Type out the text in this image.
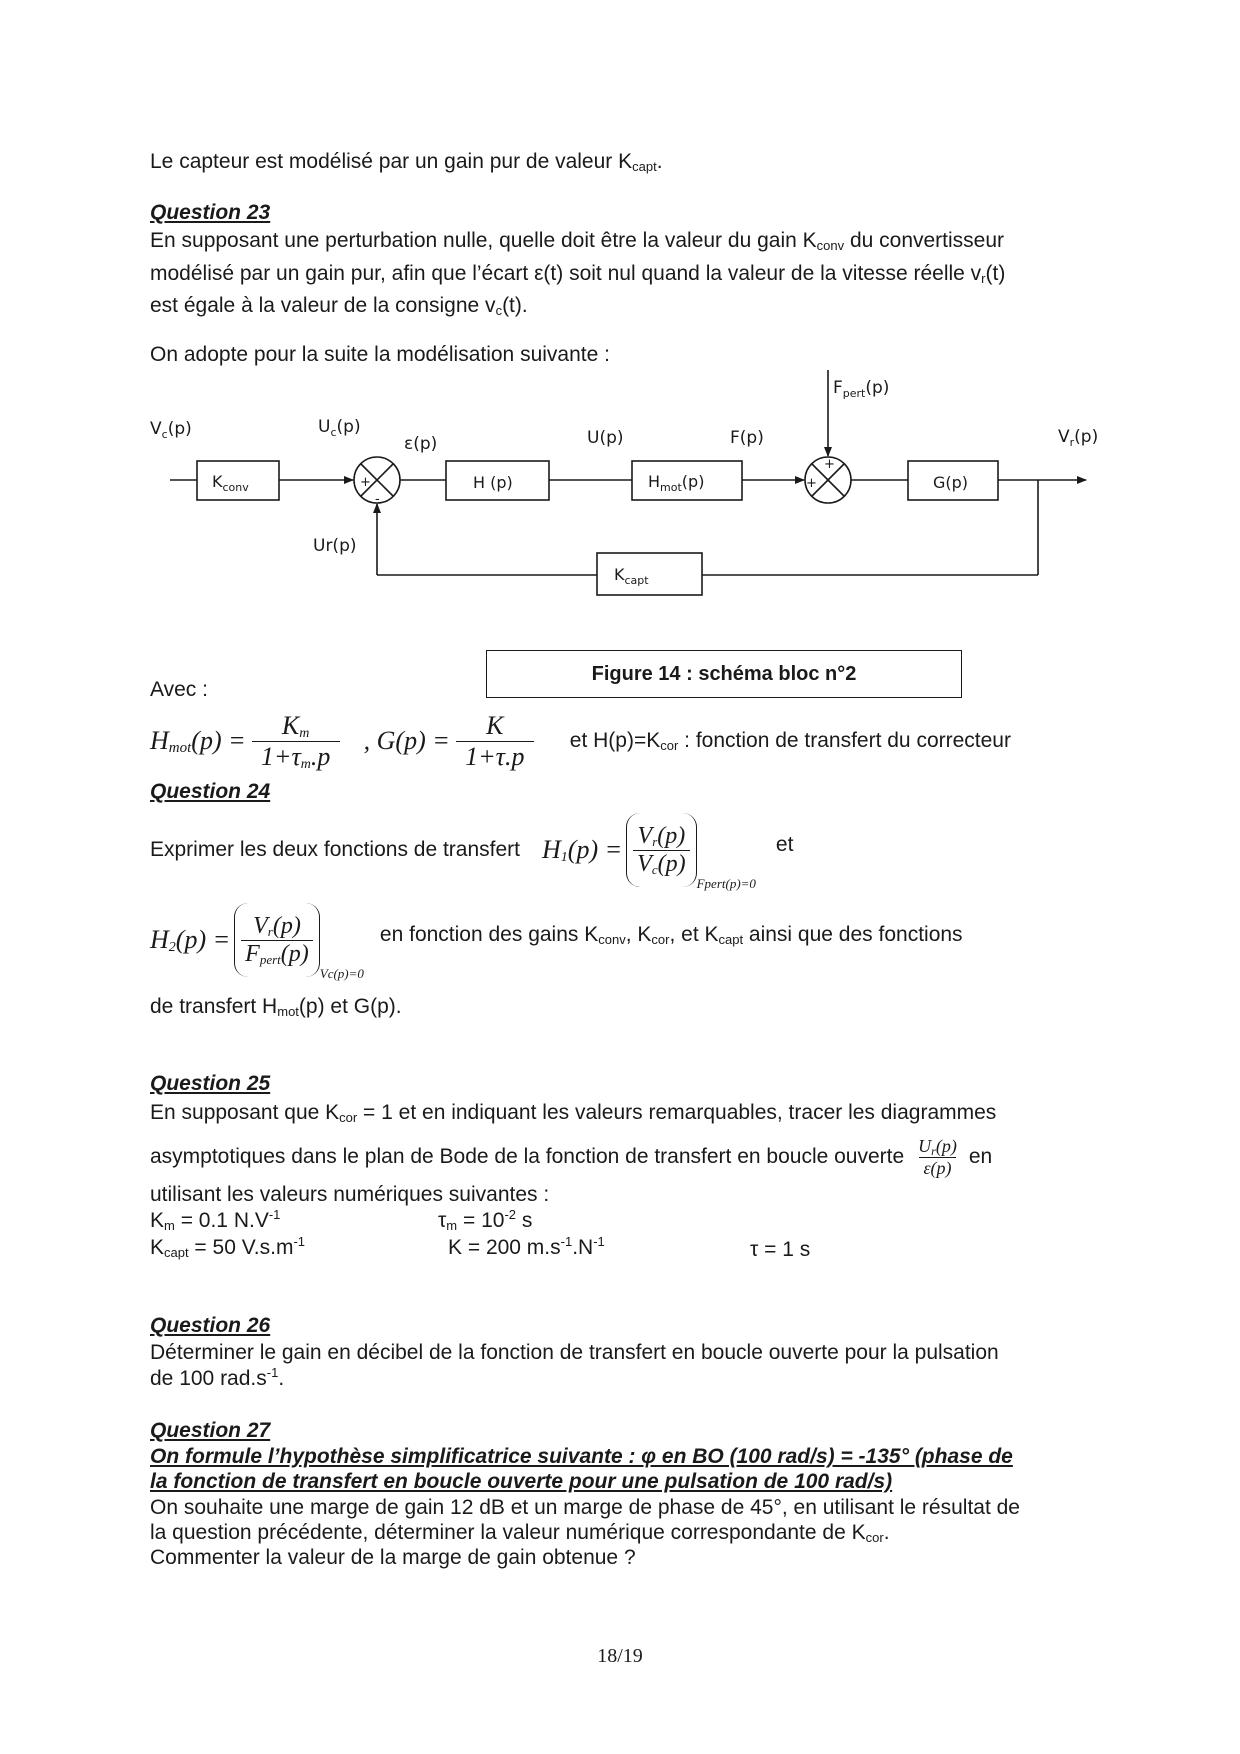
Le capteur est modélisé par un gain pur de valeur $K_{capt}$.
Question 23
En supposant une perturbation nulle, quelle doit être la valeur du gain $K_{conv}$ du convertisseur
modélisé par un gain pur, afin que l’écart ε(t) soit nul quand la valeur de la vitesse réelle $v_r(t)$
est égale à la valeur de la consigne $v_c(t)$.
On adopte pour la suite la modélisation suivante :
$V_c(p)$	$U_c(p)$
ε(p)	U(p)	F(p)
$F_{pert}(p)$
$V_r(p)$
Ur(p)
$K_{conv}$	H (p)	$H_{mot}(p)$	G(p)
$K_{capt}$
+
-
+
+
Figure 14 : schéma bloc n°2
Avec :
$H_{mot}(p) = \frac{K_m}{1+\tau_m.p}$ , $G(p) = \frac{K}{1+\tau.p}$ et $H(p)=K_{cor}$ : fonction de transfert du correcteur
Question 24
Exprimer les deux fonctions de transfert $H_1(p) = \frac{V_r(p)}{V_c(p)}$
Fpert(p)=0
et
$H_2(p) = \frac{V_r(p)}{F_{pert}(p)}$
Vc(p)=0
en fonction des gains $K_{conv}$, $K_{cor}$, et $K_{capt}$ ainsi que des fonctions
de transfert $H_{mot}(p)$ et G(p).
Question 25
En supposant que $K_{cor} = 1$ et en indiquant les valeurs remarquables, tracer les diagrammes
asymptotiques dans le plan de Bode de la fonction de transfert en boucle ouverte $\frac{U_r(p)}{\varepsilon(p)}$ en
utilisant les valeurs numériques suivantes :
$K_m = 0.1$ $N.V^{-1}$	$\tau_m = 10^{-2}$ s
$K_{capt} = 50$ $V.s.m^{-1}$	K = 200 $m.s^{-1}.N^{-1}$	τ = 1 s
Question 26
Déterminer le gain en décibel de la fonction de transfert en boucle ouverte pour la pulsation
de 100 $rad.s^{-1}$.
Question 27
On formule l’hypothèse simplificatrice suivante : φ en BO (100 rad/s) = -135° (phase de
la fonction de transfert en boucle ouverte pour une pulsation de 100 rad/s)
On souhaite une marge de gain 12 dB et un marge de phase de 45°, en utilisant le résultat de
la question précédente, déterminer la valeur numérique correspondante de $K_{cor}$.
Commenter la valeur de la marge de gain obtenue ?
18/19
